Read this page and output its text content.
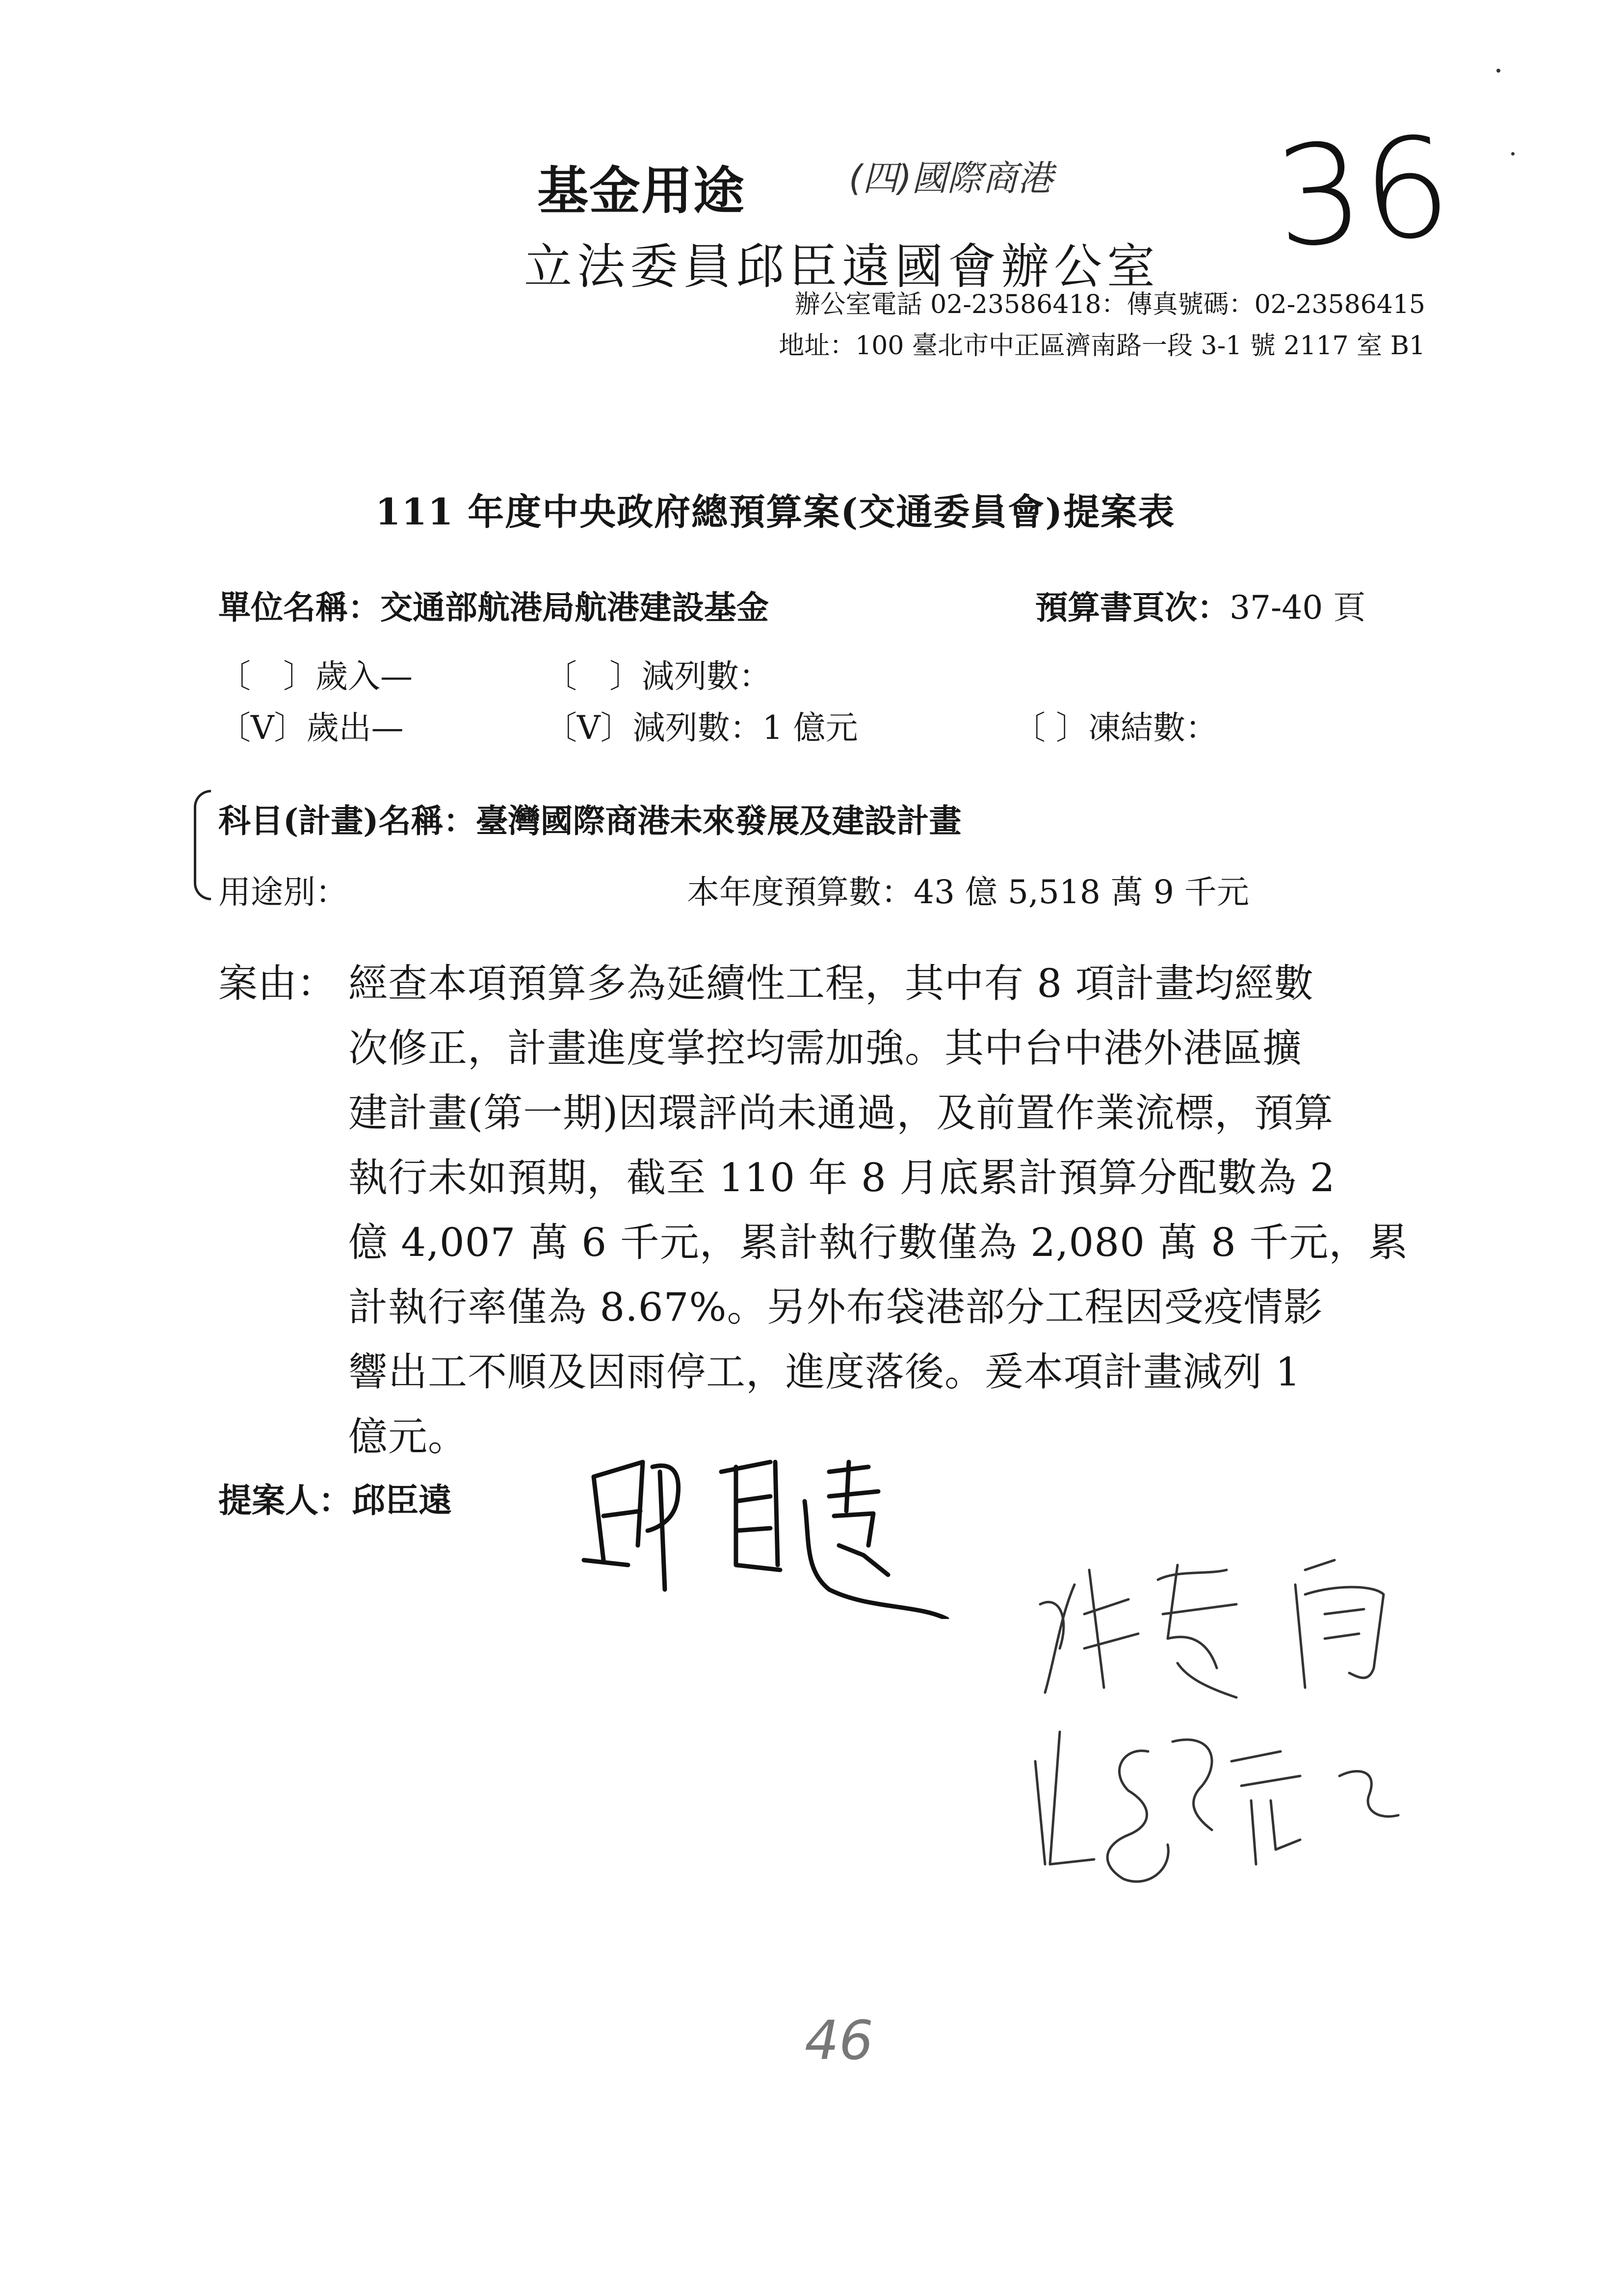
基金用途	(四)國際商港 36
立法委員邱臣遠國會辦公室
辦公室電話 02-23586418：傳真號碼：02-23586415
地址：100 臺北市中正區濟南路一段 3-1 號 2117 室 B1
111 年度中央政府總預算案(交通委員會)提案表
單位名稱：交通部航港局航港建設基金	預算書頁次：37-40 頁
〔　〕歲入—	〔　〕減列數：
〔V〕歲出—	〔V〕減列數：1 億元	〔 〕凍結數：
科目(計畫)名稱：臺灣國際商港未來發展及建設計畫
用途別：	本年度預算數：43 億 5,518 萬 9 千元
案由： 經查本項預算多為延續性工程，其中有 8 項計畫均經數
次修正，計畫進度掌控均需加強。其中台中港外港區擴
建計畫(第一期)因環評尚未通過，及前置作業流標，預算
執行未如預期，截至 110 年 8 月底累計預算分配數為 2
億 4,007 萬 6 千元，累計執行數僅為 2,080 萬 8 千元，累
計執行率僅為 8.67%。另外布袋港部分工程因受疫情影
響出工不順及因雨停工，進度落後。爰本項計畫減列 1
億元。
提案人：邱臣遠
46
